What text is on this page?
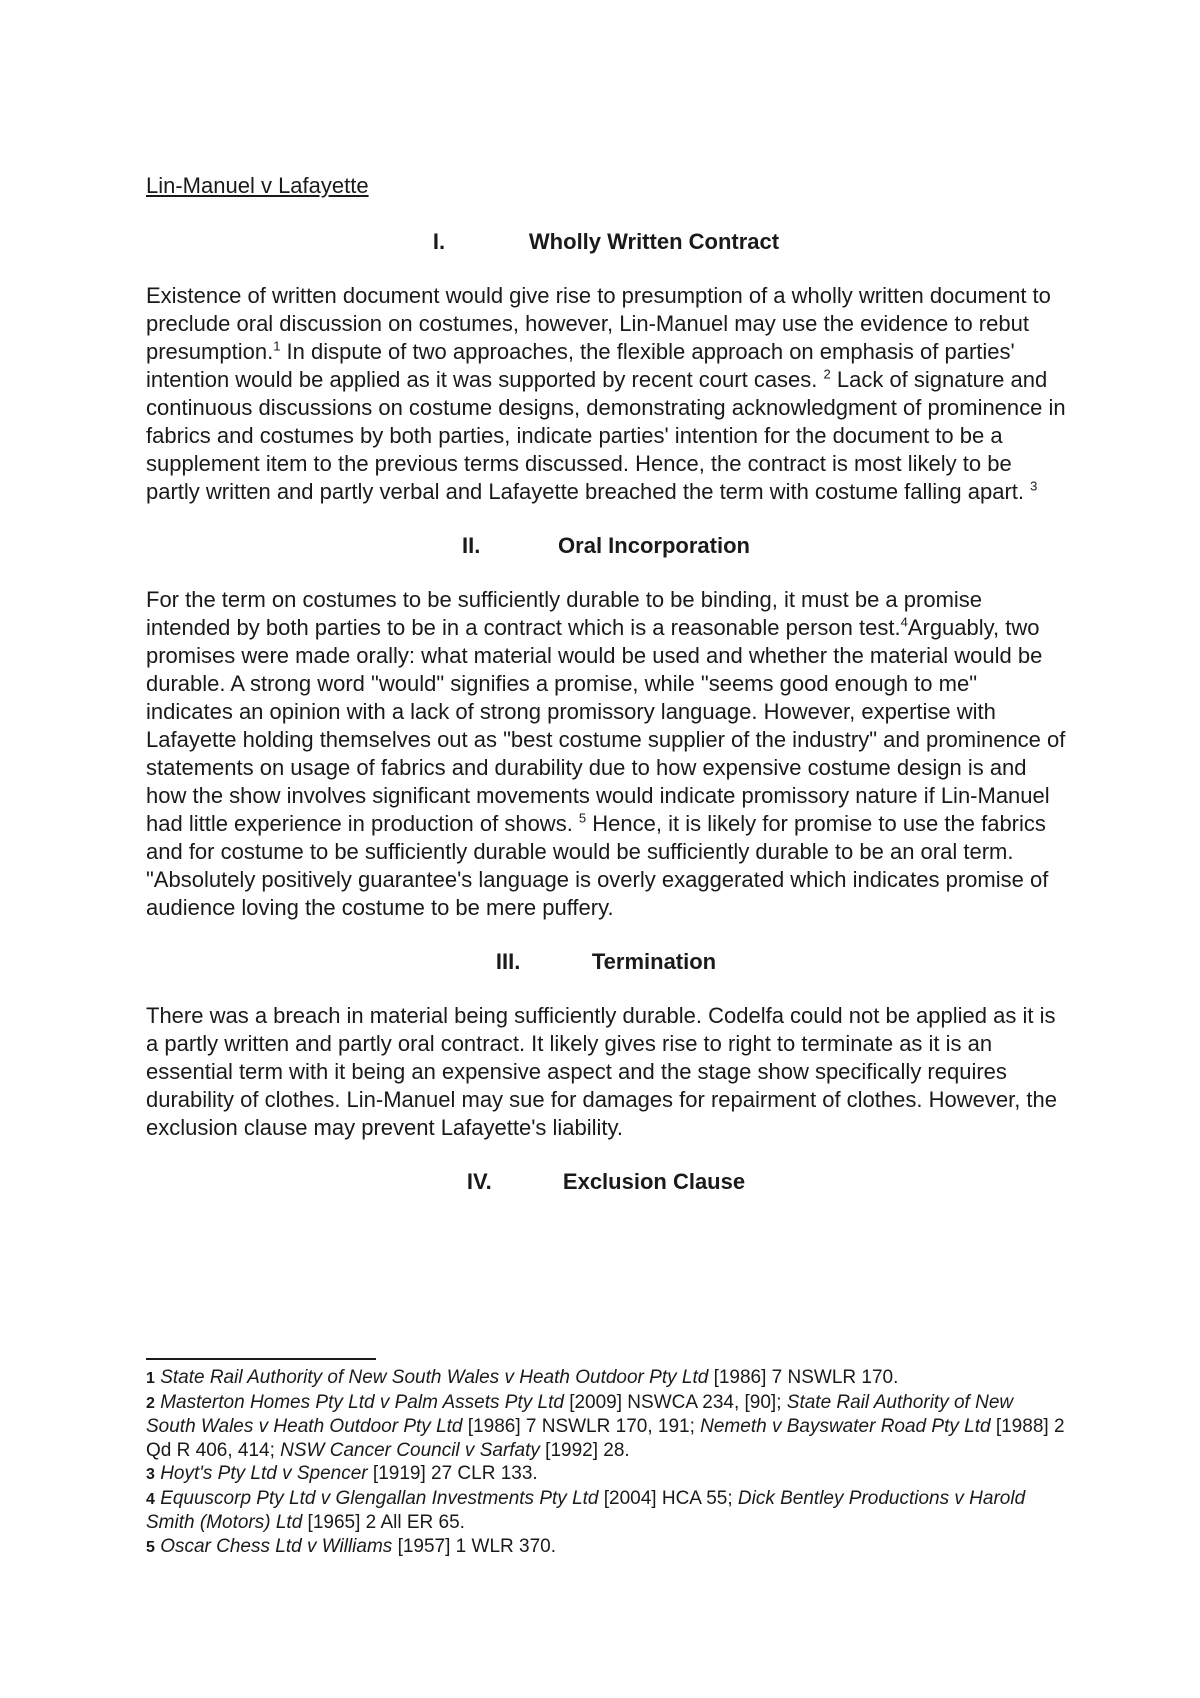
Lin-Manuel v Lafayette

I.	Wholly Written Contract

Existence of written document would give rise to presumption of a wholly written document to preclude oral discussion on costumes, however, Lin-Manuel may use the evidence to rebut presumption.$^1$ In dispute of two approaches, the flexible approach on emphasis of parties' intention would be applied as it was supported by recent court cases. $^2$ Lack of signature and continuous discussions on costume designs, demonstrating acknowledgment of prominence in fabrics and costumes by both parties, indicate parties' intention for the document to be a supplement item to the previous terms discussed. Hence, the contract is most likely to be partly written and partly verbal and Lafayette breached the term with costume falling apart. $^3$

II.	Oral Incorporation

For the term on costumes to be sufficiently durable to be binding, it must be a promise intended by both parties to be in a contract which is a reasonable person test.$^4$Arguably, two promises were made orally: what material would be used and whether the material would be durable. A strong word "would" signifies a promise, while "seems good enough to me" indicates an opinion with a lack of strong promissory language. However, expertise with Lafayette holding themselves out as "best costume supplier of the industry" and prominence of statements on usage of fabrics and durability due to how expensive costume design is and how the show involves significant movements would indicate promissory nature if Lin-Manuel had little experience in production of shows. $^5$ Hence, it is likely for promise to use the fabrics and for costume to be sufficiently durable would be sufficiently durable to be an oral term. "Absolutely positively guarantee's language is overly exaggerated which indicates promise of audience loving the costume to be mere puffery.

III.	Termination

There was a breach in material being sufficiently durable. Codelfa could not be applied as it is a partly written and partly oral contract. It likely gives rise to right to terminate as it is an essential term with it being an expensive aspect and the stage show specifically requires durability of clothes. Lin-Manuel may sue for damages for repairment of clothes. However, the exclusion clause may prevent Lafayette's liability.

IV.	Exclusion Clause

1 State Rail Authority of New South Wales v Heath Outdoor Pty Ltd [1986] 7 NSWLR 170.

2 Masterton Homes Pty Ltd v Palm Assets Pty Ltd [2009] NSWCA 234, [90]; State Rail Authority of New South Wales v Heath Outdoor Pty Ltd [1986] 7 NSWLR 170, 191; Nemeth v Bayswater Road Pty Ltd [1988] 2 Qd R 406, 414; NSW Cancer Council v Sarfaty [1992] 28.

3 Hoyt's Pty Ltd v Spencer [1919] 27 CLR 133.

4 Equuscorp Pty Ltd v Glengallan Investments Pty Ltd [2004] HCA 55; Dick Bentley Productions v Harold Smith (Motors) Ltd [1965] 2 All ER 65.

5 Oscar Chess Ltd v Williams [1957] 1 WLR 370.
